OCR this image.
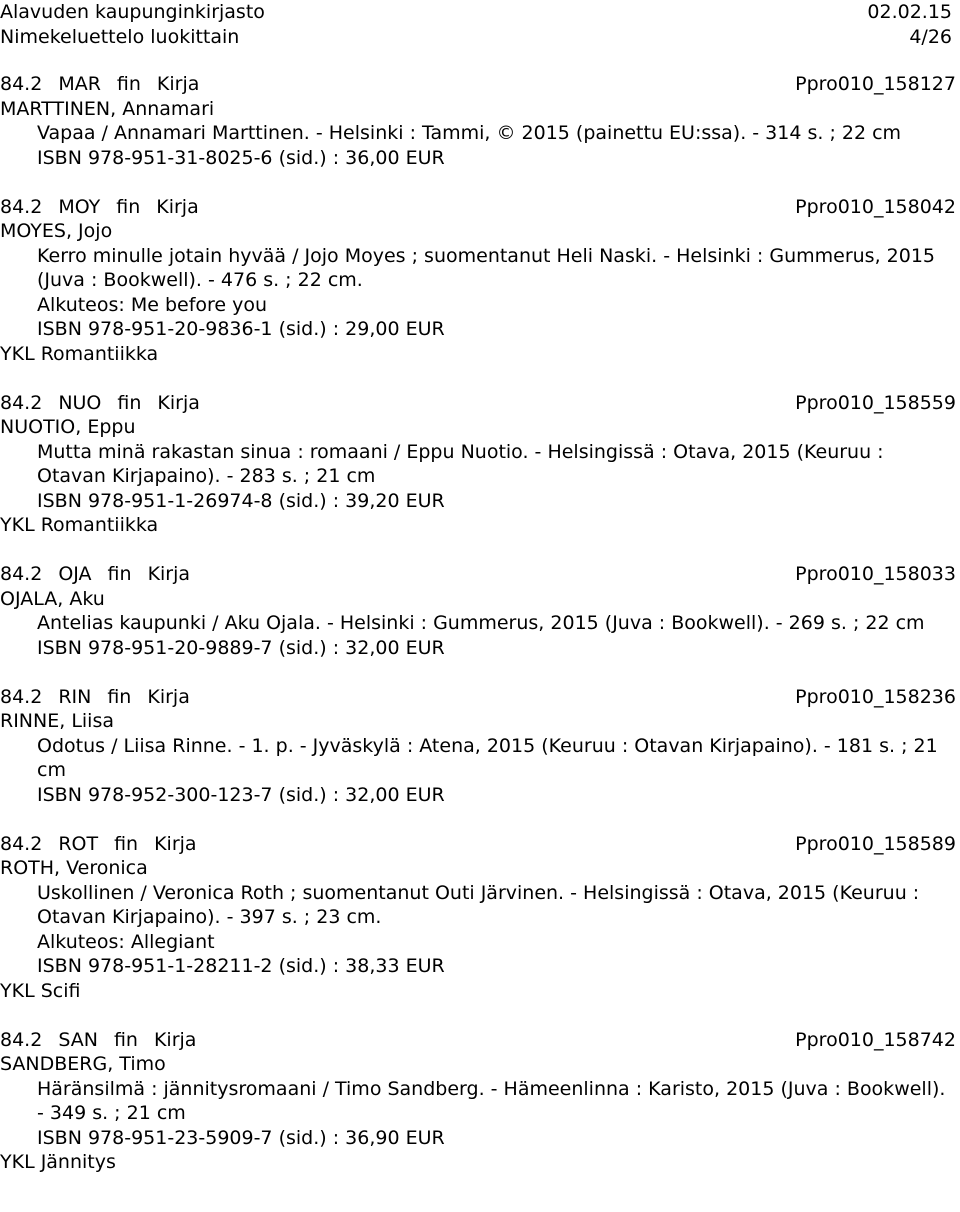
Alavuden kaupunginkirjasto	02.02.15
Nimekeluettelo luokittain	4/26
84.2 MAR fin Kirja	Ppro010_158127
MARTTINEN, Annamari
Vapaa / Annamari Marttinen. - Helsinki : Tammi, © 2015 (painettu EU:ssa). - 314 s. ; 22 cm
ISBN 978-951-31-8025-6 (sid.) : 36,00 EUR
84.2 MOY fin Kirja	Ppro010_158042
MOYES, Jojo
Kerro minulle jotain hyvää / Jojo Moyes ; suomentanut Heli Naski. - Helsinki : Gummerus, 2015 (Juva : Bookwell). - 476 s. ; 22 cm.
Alkuteos: Me before you
ISBN 978-951-20-9836-1 (sid.) : 29,00 EUR
YKL Romantiikka
84.2 NUO fin Kirja	Ppro010_158559
NUOTIO, Eppu
Mutta minä rakastan sinua : romaani / Eppu Nuotio. - Helsingissä : Otava, 2015 (Keuruu : Otavan Kirjapaino). - 283 s. ; 21 cm
ISBN 978-951-1-26974-8 (sid.) : 39,20 EUR
YKL Romantiikka
84.2 OJA fin Kirja	Ppro010_158033
OJALA, Aku
Antelias kaupunki / Aku Ojala. - Helsinki : Gummerus, 2015 (Juva : Bookwell). - 269 s. ; 22 cm
ISBN 978-951-20-9889-7 (sid.) : 32,00 EUR
84.2 RIN fin Kirja	Ppro010_158236
RINNE, Liisa
Odotus / Liisa Rinne. - 1. p. - Jyväskylä : Atena, 2015 (Keuruu : Otavan Kirjapaino). - 181 s. ; 21 cm
ISBN 978-952-300-123-7 (sid.) : 32,00 EUR
84.2 ROT fin Kirja	Ppro010_158589
ROTH, Veronica
Uskollinen / Veronica Roth ; suomentanut Outi Järvinen. - Helsingissä : Otava, 2015 (Keuruu : Otavan Kirjapaino). - 397 s. ; 23 cm.
Alkuteos: Allegiant
ISBN 978-951-1-28211-2 (sid.) : 38,33 EUR
YKL Scifi
84.2 SAN fin Kirja	Ppro010_158742
SANDBERG, Timo
Häränsilmä : jännitysromaani / Timo Sandberg. - Hämeenlinna : Karisto, 2015 (Juva : Bookwell). - 349 s. ; 21 cm
ISBN 978-951-23-5909-7 (sid.) : 36,90 EUR
YKL Jännitys
